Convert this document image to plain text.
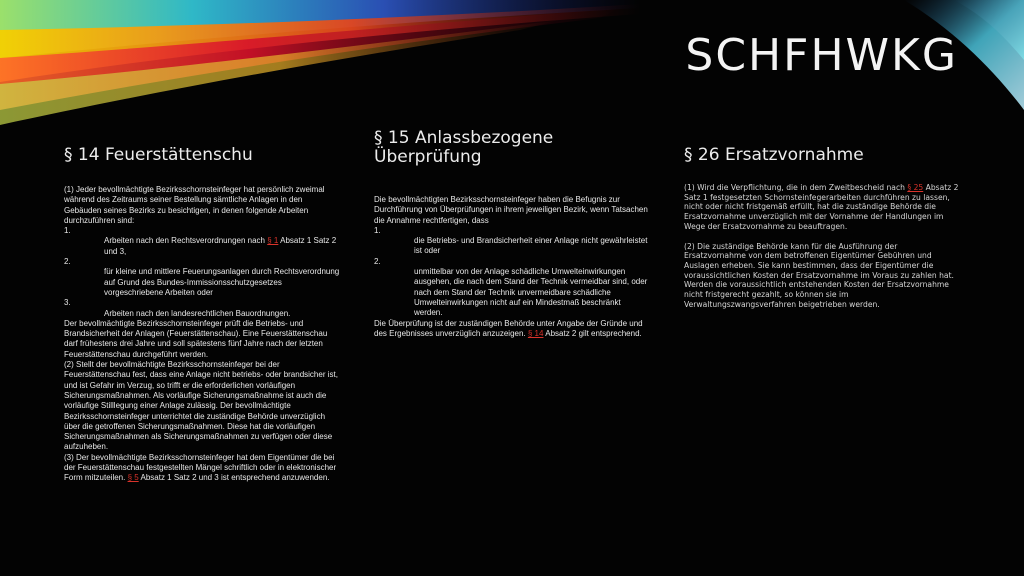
SCHFHWKG
§ 14 Feuerstättenschu

(1) Jeder bevollmächtigte Bezirksschornsteinfeger hat persönlich zweimal während des Zeitraums seiner Bestellung sämtliche Anlagen in den Gebäuden seines Bezirks zu besichtigen, in denen folgende Arbeiten durchzuführen sind:

1.

Arbeiten nach den Rechtsverordnungen nach § 1 Absatz 1 Satz 2 und 3,

2.

für kleine und mittlere Feuerungsanlagen durch Rechtsverordnung auf Grund des Bundes-Immissionsschutzgesetzes vorgeschriebene Arbeiten oder

3.

Arbeiten nach den landesrechtlichen Bauordnungen.

Der bevollmächtigte Bezirksschornsteinfeger prüft die Betriebs- und Brandsicherheit der Anlagen (Feuerstättenschau). Eine Feuerstättenschau darf frühestens drei Jahre und soll spätestens fünf Jahre nach der letzten Feuerstättenschau durchgeführt werden.

(2) Stellt der bevollmächtigte Bezirksschornsteinfeger bei der Feuerstättenschau fest, dass eine Anlage nicht betriebs- oder brandsicher ist, und ist Gefahr im Verzug, so trifft er die erforderlichen vorläufigen Sicherungsmaßnahmen. Als vorläufige Sicherungsmaßnahme ist auch die vorläufige Stilllegung einer Anlage zulässig. Der bevollmächtigte Bezirksschornsteinfeger unterrichtet die zuständige Behörde unverzüglich über die getroffenen Sicherungsmaßnahmen. Diese hat die vorläufigen Sicherungsmaßnahmen als Sicherungsmaßnahmen zu verfügen oder diese aufzuheben.

(3) Der bevollmächtigte Bezirksschornsteinfeger hat dem Eigentümer die bei der Feuerstättenschau festgestellten Mängel schriftlich oder in elektronischer Form mitzuteilen. § 5 Absatz 1 Satz 2 und 3 ist entsprechend anzuwenden.

§ 15 Anlassbezogene Überprüfung

Die bevollmächtigten Bezirksschornsteinfeger haben die Befugnis zur Durchführung von Überprüfungen in ihrem jeweiligen Bezirk, wenn Tatsachen die Annahme rechtfertigen, dass

1.

die Betriebs- und Brandsicherheit einer Anlage nicht gewährleistet ist oder

2.

unmittelbar von der Anlage schädliche Umwelteinwirkungen ausgehen, die nach dem Stand der Technik vermeidbar sind, oder nach dem Stand der Technik unvermeidbare schädliche Umwelteinwirkungen nicht auf ein Mindestmaß beschränkt werden.

Die Überprüfung ist der zuständigen Behörde unter Angabe der Gründe und des Ergebnisses unverzüglich anzuzeigen. § 14 Absatz 2 gilt entsprechend.

§ 26 Ersatzvornahme

(1) Wird die Verpflichtung, die in dem Zweitbescheid nach § 25 Absatz 2 Satz 1 festgesetzten Schornsteinfegerarbeiten durchführen zu lassen, nicht oder nicht fristgemäß erfüllt, hat die zuständige Behörde die Ersatzvornahme unverzüglich mit der Vornahme der Handlungen im Wege der Ersatzvornahme zu beauftragen.

(2) Die zuständige Behörde kann für die Ausführung der Ersatzvornahme von dem betroffenen Eigentümer Gebühren und Auslagen erheben. Sie kann bestimmen, dass der Eigentümer die voraussichtlichen Kosten der Ersatzvornahme im Voraus zu zahlen hat. Werden die voraussichtlich entstehenden Kosten der Ersatzvornahme nicht fristgerecht gezahlt, so können sie im Verwaltungszwangsverfahren beigetrieben werden.
